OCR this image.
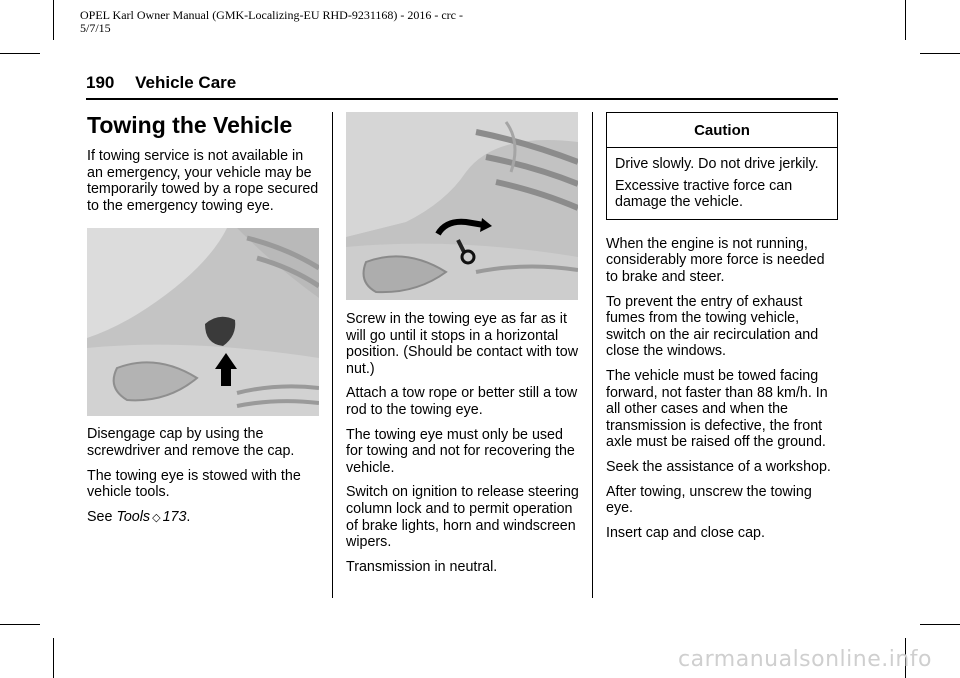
OPEL Karl Owner Manual (GMK-Localizing-EU RHD-9231168) - 2016 - crc -
5/7/15
190 Vehicle Care
Towing the Vehicle

If towing service is not available in an emergency, your vehicle may be temporarily towed by a rope secured to the emergency towing eye.

Disengage cap by using the screwdriver and remove the cap.

The towing eye is stowed with the vehicle tools.

See Tools ◇ 173.

Screw in the towing eye as far as it will go until it stops in a horizontal position. (Should be contact with tow nut.)

Attach a tow rope or better still a tow rod to the towing eye.

The towing eye must only be used for towing and not for recovering the vehicle.

Switch on ignition to release steering column lock and to permit operation of brake lights, horn and windscreen wipers.

Transmission in neutral.

Caution

Drive slowly. Do not drive jerkily.

Excessive tractive force can damage the vehicle.

When the engine is not running, considerably more force is needed to brake and steer.

To prevent the entry of exhaust fumes from the towing vehicle, switch on the air recirculation and close the windows.

The vehicle must be towed facing forward, not faster than 88 km/h. In all other cases and when the transmission is defective, the front axle must be raised off the ground.

Seek the assistance of a workshop.

After towing, unscrew the towing eye.

Insert cap and close cap.

carmanualsonline.info
